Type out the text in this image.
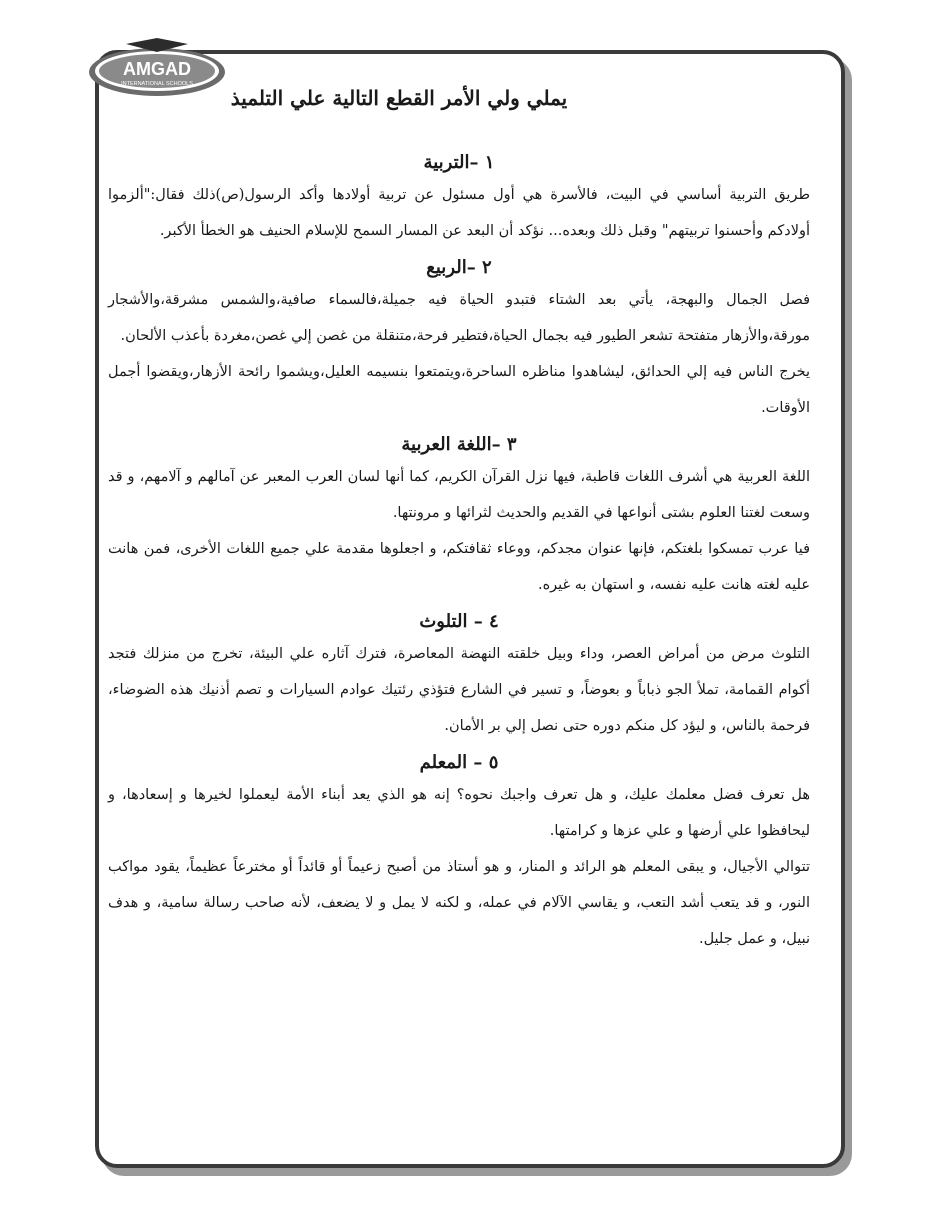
AMGAD
INTERNATIONAL SCHOOLS
يملي ولي الأمر القطع التالية علي التلميذ
١ –التربية

طريق التربية أساسي في البيت، فالأسرة هي أول مسئول عن تربية أولادها وأكد الرسول(ص)ذلك فقال:"ألزموا أولادكم وأحسنوا تربيتهم" وقبل ذلك وبعده... نؤكد أن البعد عن المسار السمح للإسلام الحنيف هو الخطأ الأكبر.

٢ –الربيع

فصل الجمال والبهجة، يأتي بعد الشتاء فتبدو الحياة فيه جميلة،فالسماء صافية،والشمس مشرقة،والأشجار مورقة،والأزهار متفتحة تشعر الطيور فيه بجمال الحياة،فتطير فرحة،متنقلة من غصن إلي غصن،مغردة بأعذب الألحان.

يخرج الناس فيه إلي الحدائق، ليشاهدوا مناظره الساحرة،ويتمتعوا بنسيمه العليل،ويشموا رائحة الأزهار،ويقضوا أجمل الأوقات.

٣ –اللغة العربية

اللغة العربية هي أشرف اللغات قاطبة، فيها نزل القرآن الكريم، كما أنها لسان العرب المعبر عن آمالهم و آلامهم، و قد وسعت لغتنا العلوم بشتى أنواعها في القديم والحديث لثرائها و مرونتها.

فيا عرب تمسكوا بلغتكم، فإنها عنوان مجدكم، ووعاء ثقافتكم، و اجعلوها مقدمة علي جميع اللغات الأخرى، فمن هانت عليه لغته هانت عليه نفسه، و استهان به غيره.

٤ – التلوث

التلوث مرض من أمراض العصر، وداء وبيل خلقته النهضة المعاصرة، فترك آثاره علي البيئة، تخرج من منزلك فتجد أكوام القمامة، تملأ الجو ذباباً و بعوضاً، و تسير في الشارع فتؤذي رئتيك عوادم السيارات و تصم أذنيك هذه الضوضاء، فرحمة بالناس، و ليؤد كل منكم دوره حتى نصل إلي بر الأمان.

٥ – المعلم

هل تعرف فضل معلمك عليك، و هل تعرف واجبك نحوه؟ إنه هو الذي يعد أبناء الأمة ليعملوا لخيرها و إسعادها، و ليحافظوا علي أرضها و علي عزها و كرامتها.

تتوالي الأجيال، و يبقى المعلم هو الرائد و المنار، و هو أستاذ من أصبح زعيماً أو قائداً أو مخترعاً عظيماً، يقود مواكب النور، و قد يتعب أشد التعب، و يقاسي الآلام في عمله، و لكنه لا يمل و لا يضعف، لأنه صاحب رسالة سامية، و هدف نبيل، و عمل جليل.
